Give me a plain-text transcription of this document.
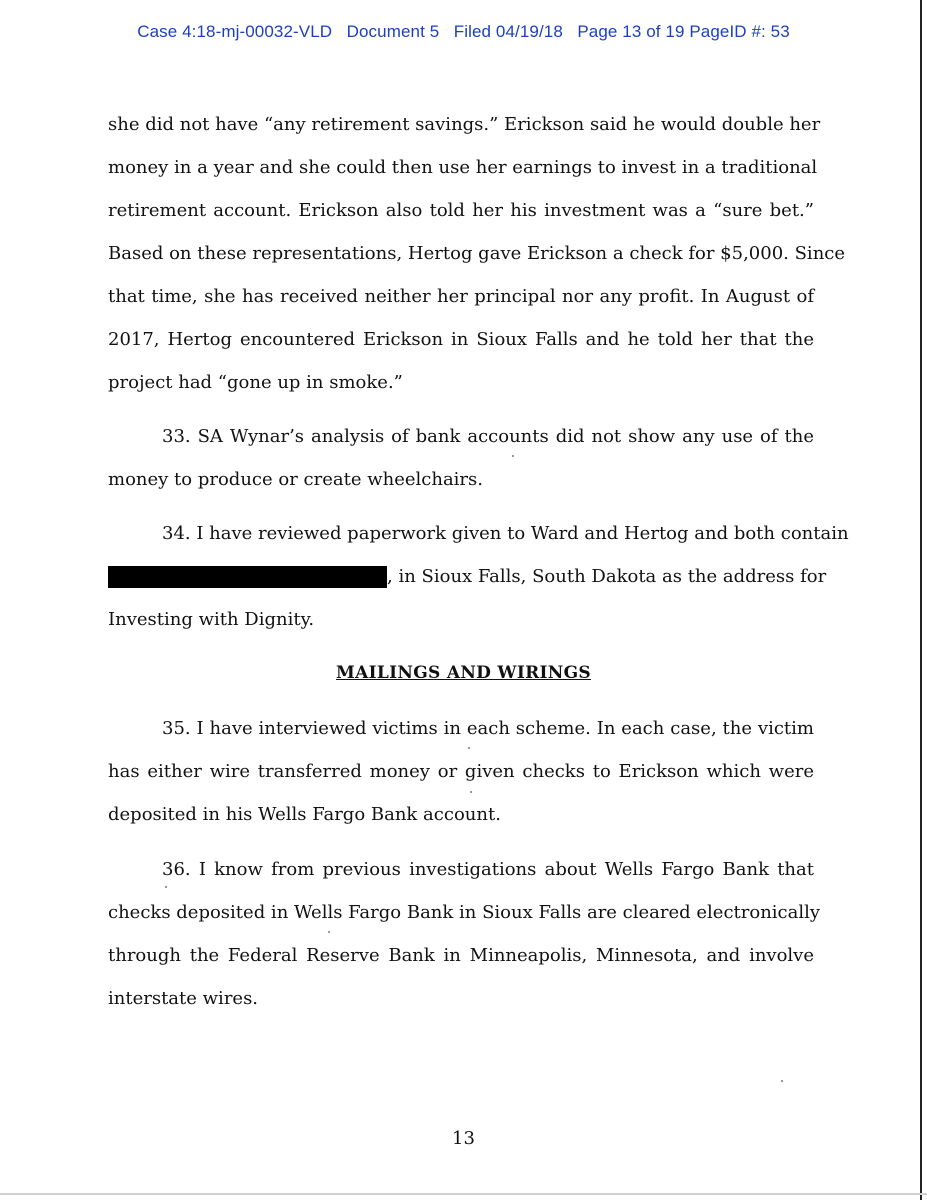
Case 4:18-mj-00032-VLD   Document 5   Filed 04/19/18   Page 13 of 19 PageID #: 53
she did not have “any retirement savings.” Erickson said he would double her
money in a year and she could then use her earnings to invest in a traditional
retirement account. Erickson also told her his investment was a “sure bet.”
Based on these representations, Hertog gave Erickson a check for $5,000. Since
that time, she has received neither her principal nor any profit. In August of
2017, Hertog encountered Erickson in Sioux Falls and he told her that the
project had “gone up in smoke.”
33. SA Wynar’s analysis of bank accounts did not show any use of the
money to produce or create wheelchairs.
34. I have reviewed paperwork given to Ward and Hertog and both contain
, in Sioux Falls, South Dakota as the address for
Investing with Dignity.
MAILINGS AND WIRINGS
35. I have interviewed victims in each scheme. In each case, the victim
has either wire transferred money or given checks to Erickson which were
deposited in his Wells Fargo Bank account.
36. I know from previous investigations about Wells Fargo Bank that
checks deposited in Wells Fargo Bank in Sioux Falls are cleared electronically
through the Federal Reserve Bank in Minneapolis, Minnesota, and involve
interstate wires.
13
